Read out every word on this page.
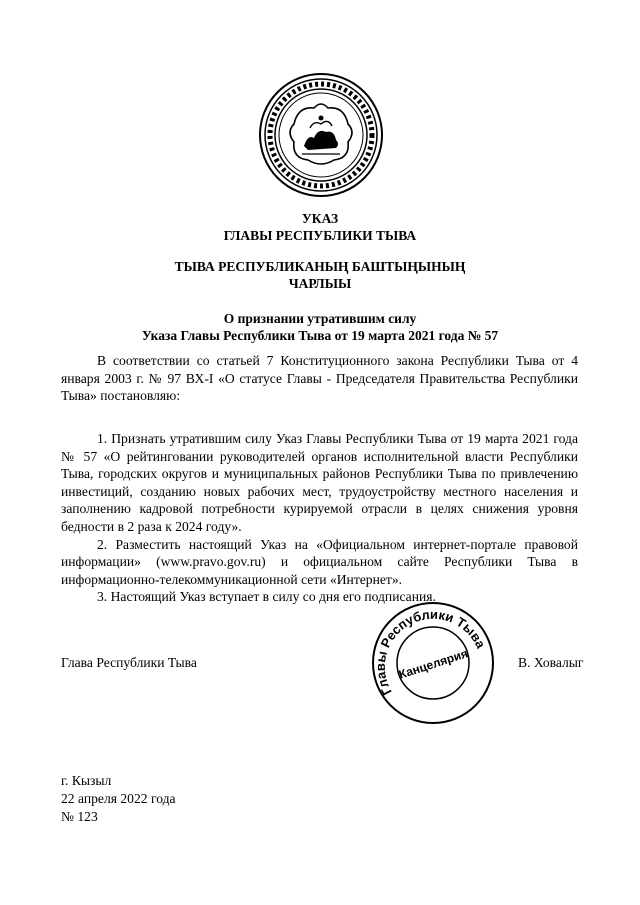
УКАЗ
ГЛАВЫ РЕСПУБЛИКИ ТЫВА
ТЫВА РЕСПУБЛИКАНЫҢ БАШТЫҢЫНЫҢ
ЧАРЛЫЫ
О признании утратившим силу
Указа Главы Республики Тыва от 19 марта 2021 года № 57

В соответствии со статьей 7 Конституционного закона Республики Тыва от 4 января 2003 г. № 97 ВХ-I «О статусе Главы - Председателя Правительства Республики Тыва» постановляю:

1. Признать утратившим силу Указ Главы Республики Тыва от 19 марта 2021 года № 57 «О рейтинговании руководителей органов исполнительной власти Республики Тыва, городских округов и муниципальных районов Республики Тыва по привлечению инвестиций, созданию новых рабочих мест, трудоустройству местного населения и заполнению кадровой потребности курируемой отрасли в целях снижения уровня бедности в 2 раза к 2024 году».

2. Разместить настоящий Указ на «Официальном интернет-портале правовой информации» (www.pravo.gov.ru) и официальном сайте Республики Тыва в информационно-телекоммуникационной сети «Интернет».

3. Настоящий Указ вступает в силу со дня его подписания.

Глава Республики Тыва
Главы Республики Тыва
Канцелярия	В. Ховалыг
г. Кызыл
22 апреля 2022 года
№ 123
